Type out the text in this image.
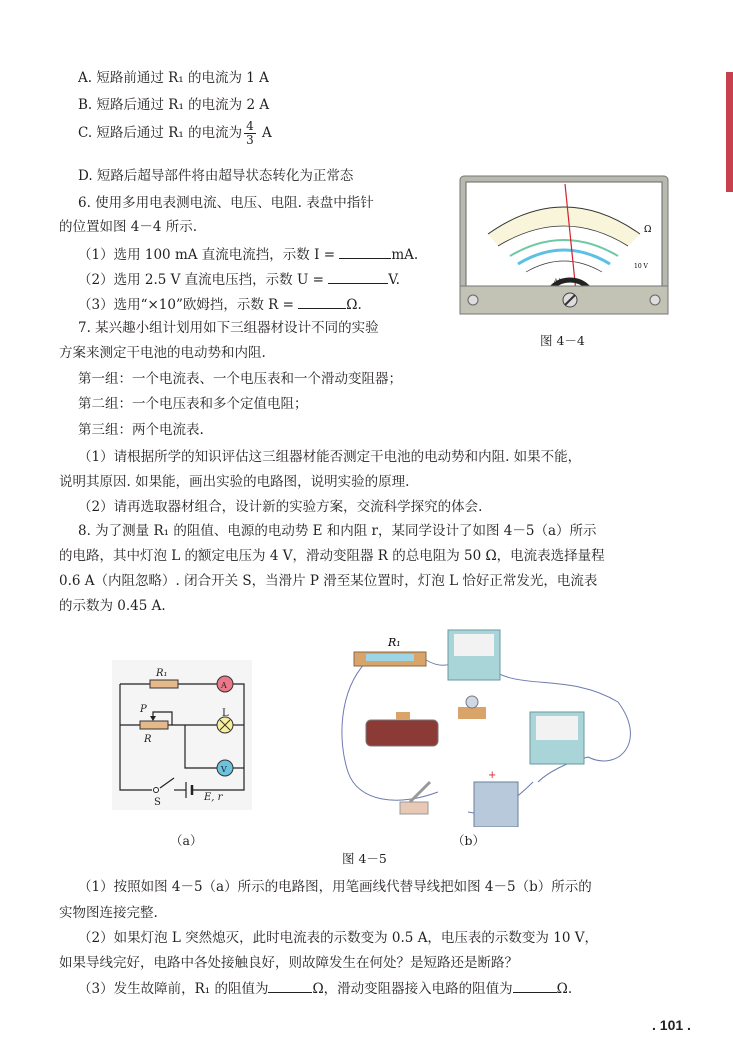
A. 短路前通过 R₁ 的电流为 1 A
B. 短路后通过 R₁ 的电流为 2 A
C. 短路后通过 R₁ 的电流为 $\frac{4}{3}$ A
D. 短路后超导部件将由超导状态转化为正常态
6. 使用多用电表测电流、电压、电阻. 表盘中指针
的位置如图 4－4 所示.
（1）选用 100 mA 直流电流挡，示数 I =	mA.
（2）选用 2.5 V 直流电压挡，示数 U =	V.
（3）选用“×10”欧姆挡，示数 R =	Ω.
Ω
10 V
A-V-Ω
图 4－4
7. 某兴趣小组计划用如下三组器材设计不同的实验
方案来测定干电池的电动势和内阻.
第一组：一个电流表、一个电压表和一个滑动变阻器；
第二组：一个电压表和多个定值电阻；
第三组：两个电流表.
（1）请根据所学的知识评估这三组器材能否测定干电池的电动势和内阻. 如果不能，
说明其原因. 如果能，画出实验的电路图，说明实验的原理.
（2）请再选取器材组合，设计新的实验方案，交流科学探究的体会.
8. 为了测量 R₁ 的阻值、电源的电动势 E 和内阻 r，某同学设计了如图 4－5（a）所示
的电路，其中灯泡 L 的额定电压为 4 V，滑动变阻器 R 的总电阻为 50 Ω，电流表选择量程
0.6 A（内阻忽略）. 闭合开关 S，当滑片 P 滑至某位置时，灯泡 L 恰好正常发光，电流表
的示数为 0.45 A.
R₁
P
R
E, r
L
A
V
S
（a）
R₁
+
（b）
图 4－5
（1）按照如图 4－5（a）所示的电路图，用笔画线代替导线把如图 4－5（b）所示的
实物图连接完整.
（2）如果灯泡 L 突然熄灭，此时电流表的示数变为 0.5 A，电压表的示数变为 10 V，
如果导线完好，电路中各处接触良好，则故障发生在何处？是短路还是断路？
（3）发生故障前，R₁ 的阻值为	Ω，滑动变阻器接入电路的阻值为	Ω.
. 101 .
